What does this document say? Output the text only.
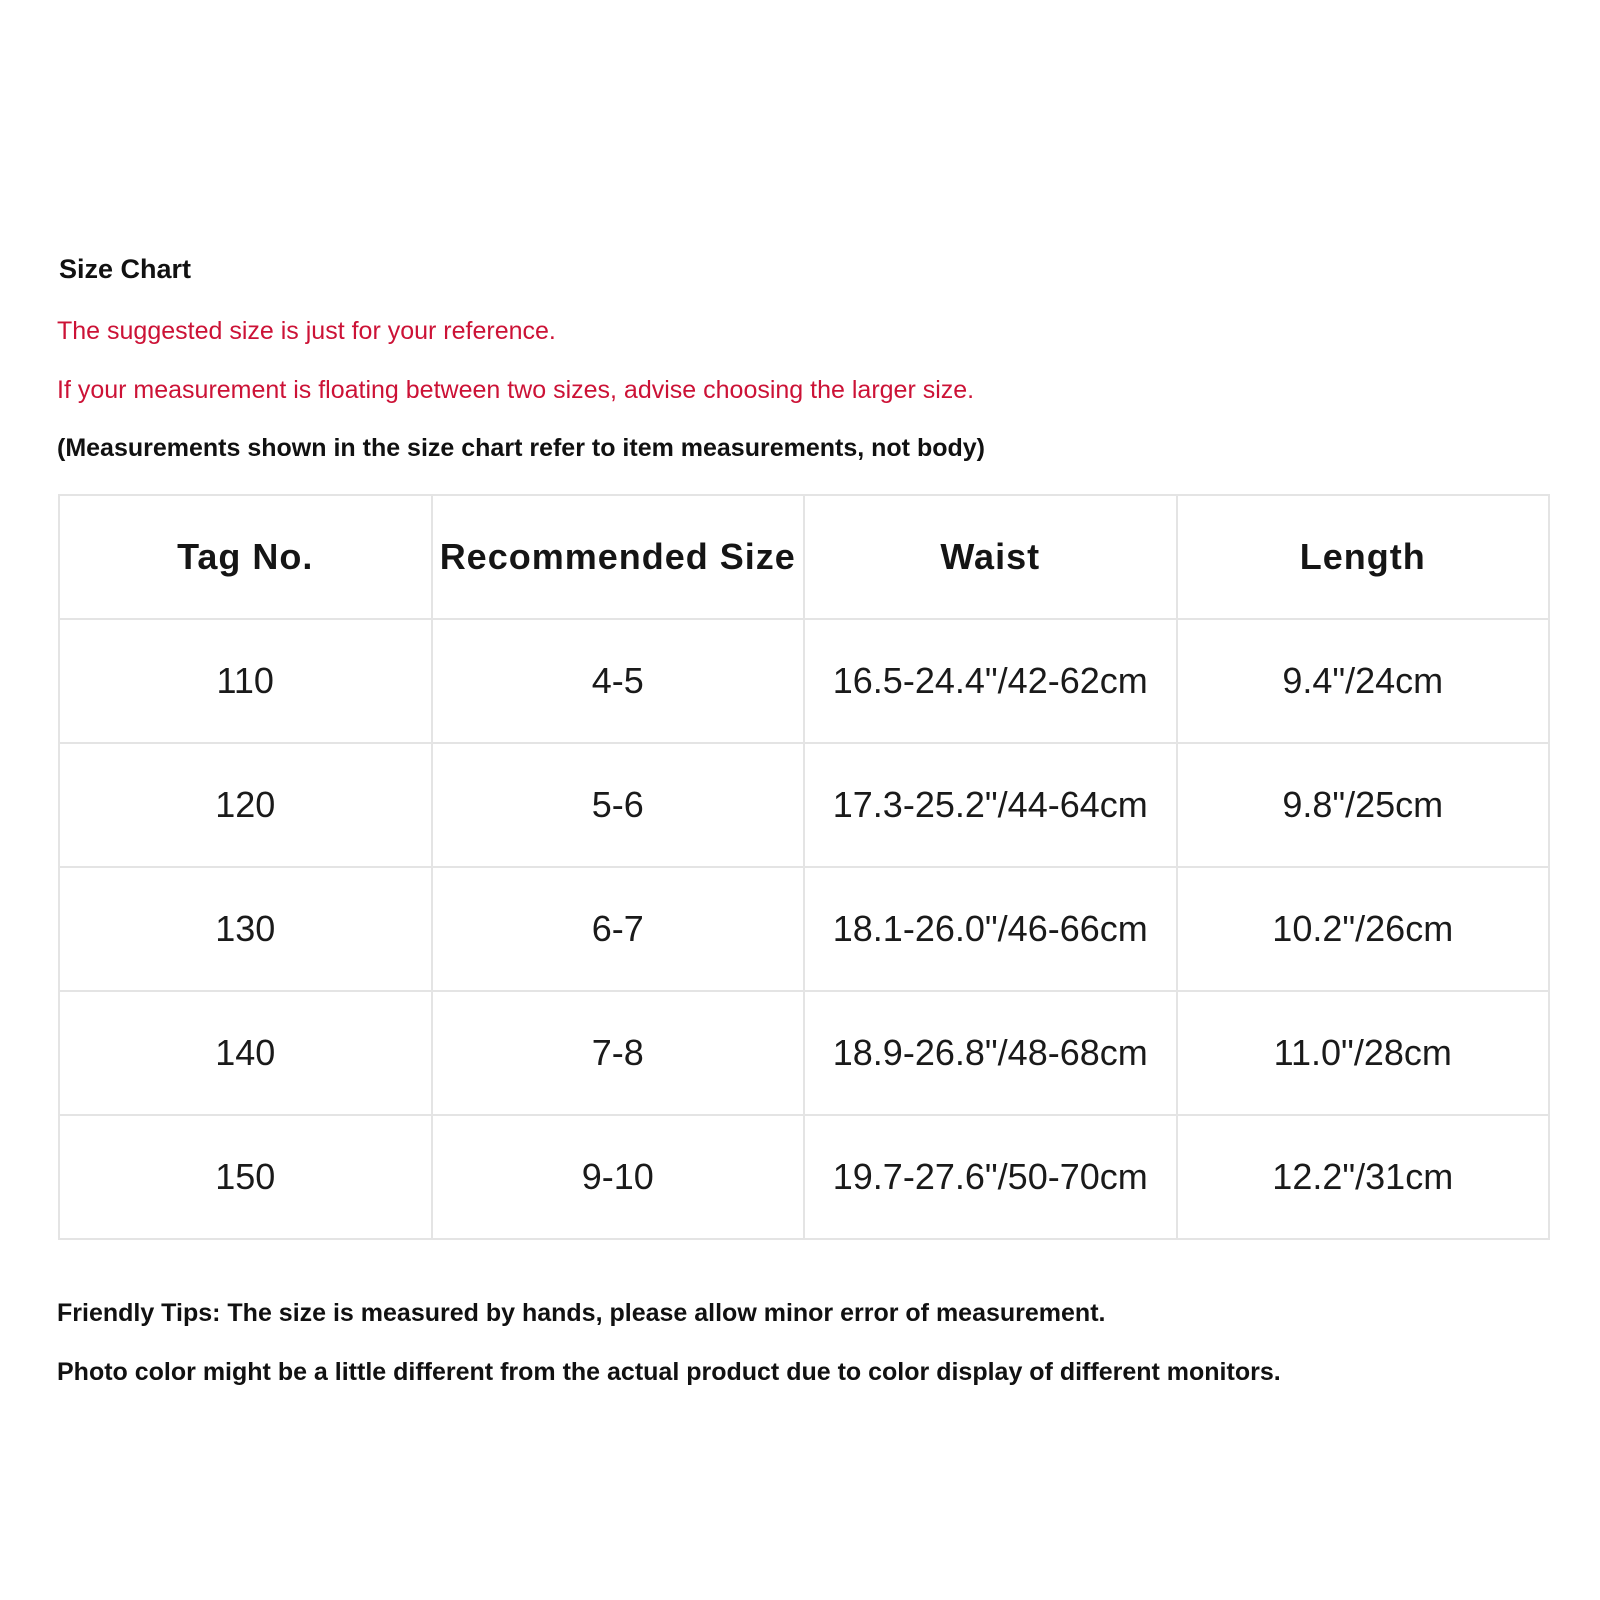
Size Chart
The suggested size is just for your reference.
If your measurement is floating between two sizes, advise choosing the larger size.
(Measurements shown in the size chart refer to item measurements, not body)
Tag No.	Recommended Size	Waist	Length
110	4-5	16.5-24.4"/42-62cm	9.4"/24cm
120	5-6	17.3-25.2"/44-64cm	9.8"/25cm
130	6-7	18.1-26.0"/46-66cm	10.2"/26cm
140	7-8	18.9-26.8"/48-68cm	11.0"/28cm
150	9-10	19.7-27.6"/50-70cm	12.2"/31cm
Friendly Tips: The size is measured by hands, please allow minor error of measurement.
Photo color might be a little different from the actual product due to color display of different monitors.
